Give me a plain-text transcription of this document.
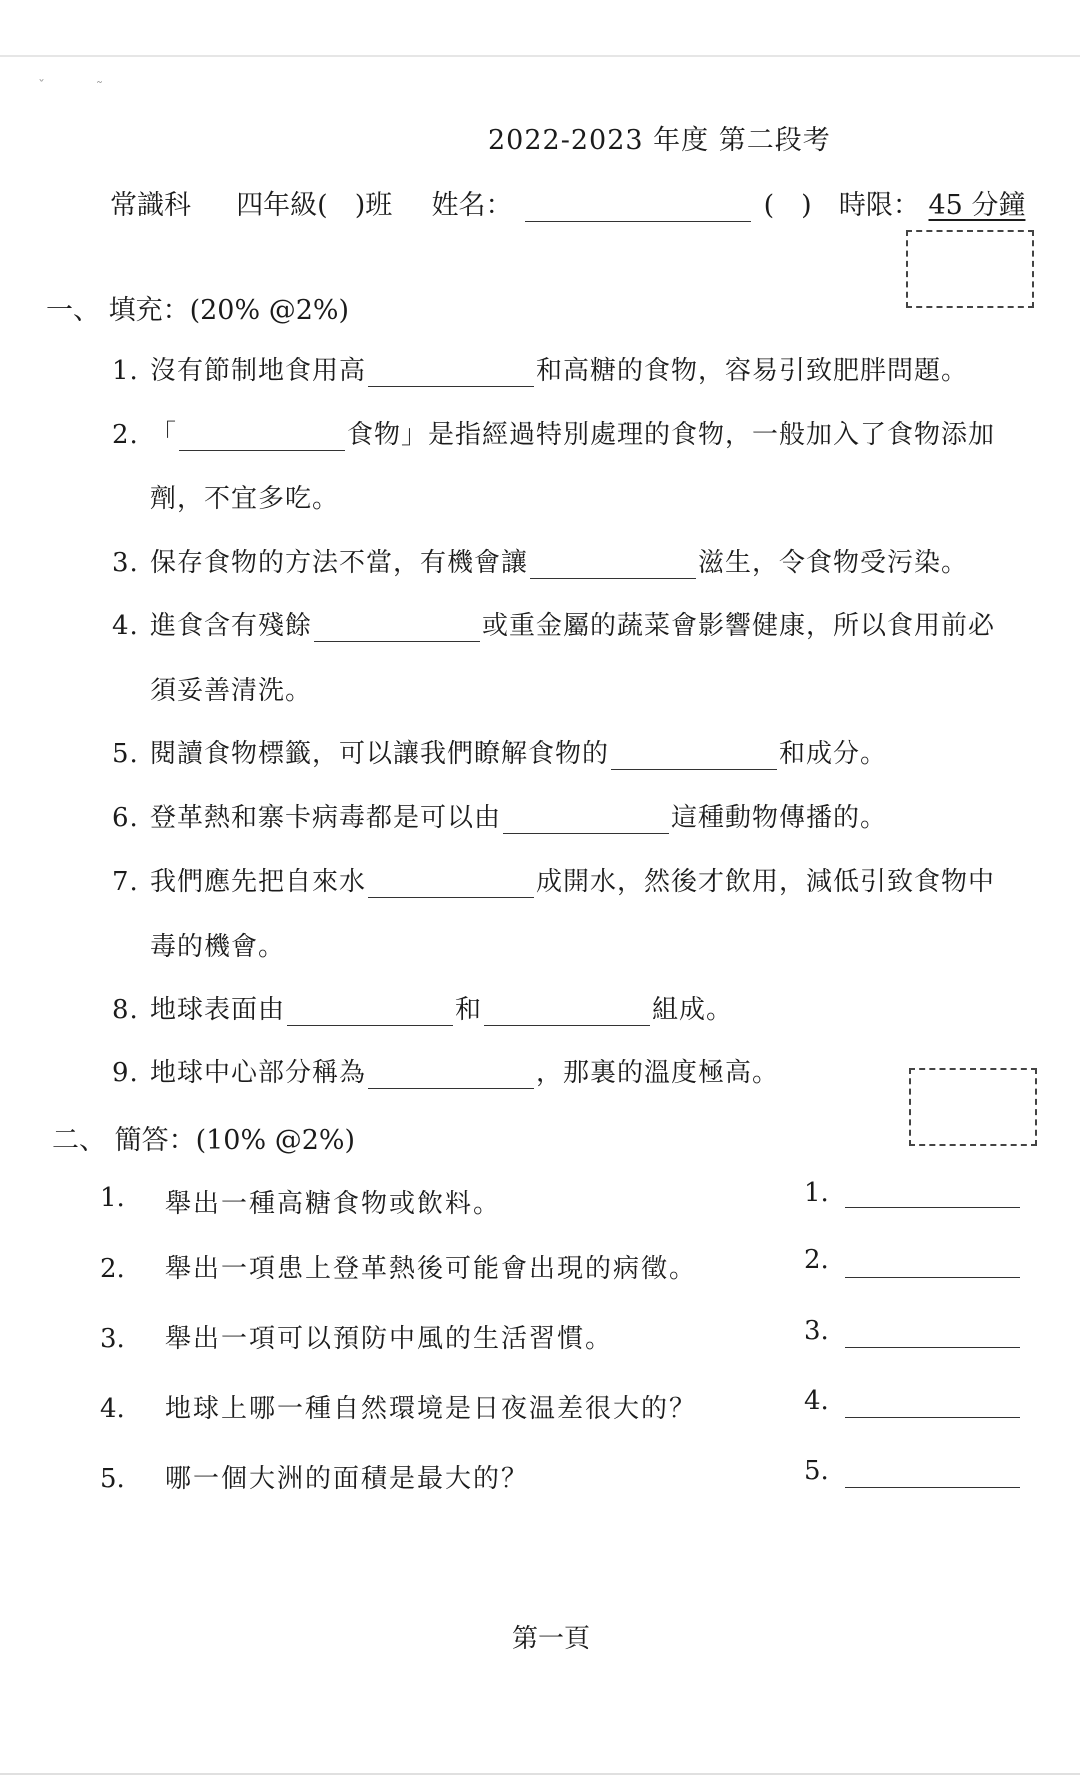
ˇ	˜
2022-2023 年度 第二段考
常識科 四年級(　)班 姓名：	(　) 時限： 45 分鐘
一、 填充：(20% @2%)
1. 沒有節制地食用高	和高糖的食物，容易引致肥胖問題。
2. 「	食物」是指經過特別處理的食物，一般加入了食物添加
劑，不宜多吃。
3. 保存食物的方法不當，有機會讓	滋生，令食物受污染。
4. 進食含有殘餘	或重金屬的蔬菜會影響健康，所以食用前必
須妥善清洗。
5. 閱讀食物標籤，可以讓我們瞭解食物的	和成分。
6. 登革熱和寨卡病毒都是可以由	這種動物傳播的。
7. 我們應先把自來水	成開水，然後才飲用，減低引致食物中
毒的機會。
8. 地球表面由	和	組成。
9. 地球中心部分稱為	，那裏的溫度極高。
二、 簡答：(10% @2%)
1. 舉出一種高糖食物或飲料。	1.
2. 舉出一項患上登革熱後可能會出現的病徵。	2.
3. 舉出一項可以預防中風的生活習慣。	3.
4. 地球上哪一種自然環境是日夜温差很大的？	4.
5. 哪一個大洲的面積是最大的？	5.
第一頁
